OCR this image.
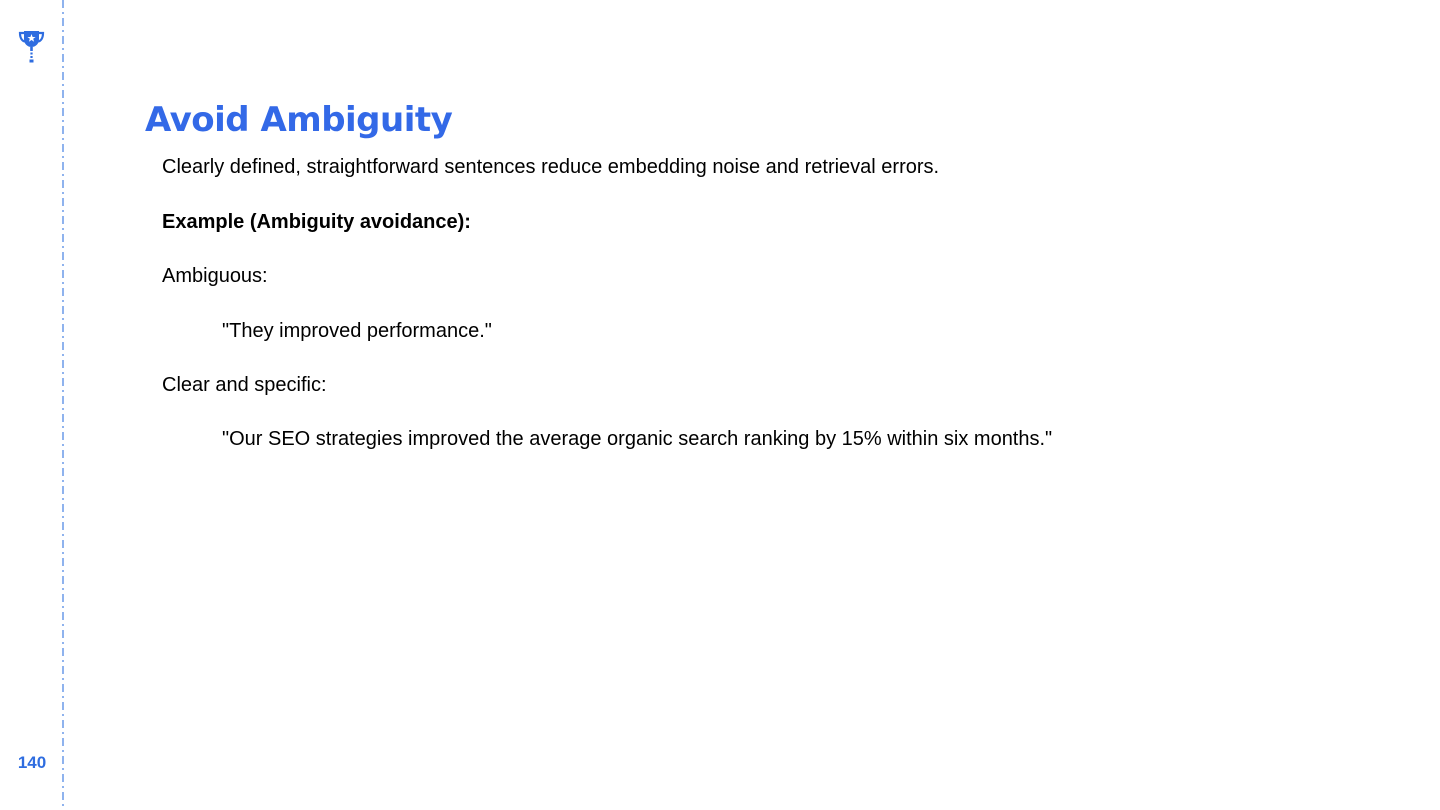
140
Avoid Ambiguity
Clearly defined, straightforward sentences reduce embedding noise and retrieval errors.
Example (Ambiguity avoidance):
Ambiguous:
"They improved performance."
Clear and specific:
"Our SEO strategies improved the average organic search ranking by 15% within six months."
